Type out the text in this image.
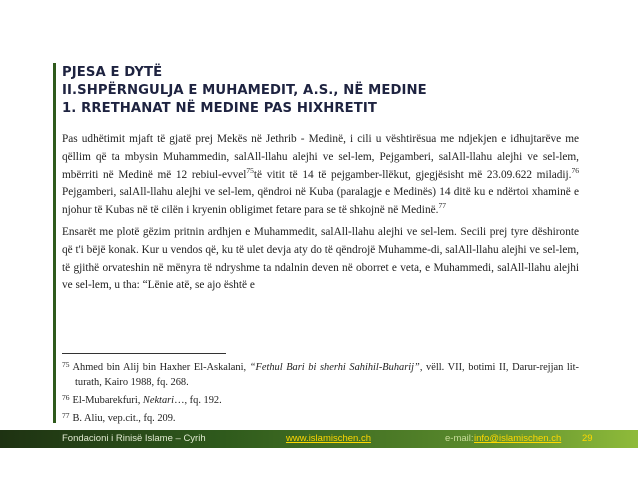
PJESA E DYTË
II.SHPËRNGULJA E MUHAMEDIT, A.S., NË MEDINE
1. RRETHANAT NË MEDINE PAS HIXHRETIT

Pas udhëtimit mjaft të gjatë prej Mekës në Jethrib - Medinë, i cili u vështirësua me ndjekjen e idhujtarëve me qëllim që ta mbysin Muhammedin, salAll-llahu alejhi ve sel-lem, Pejgamberi, salAll-llahu alejhi ve sel-lem, mbërriti në Medinë më 12 rebiul-evvel$^{75}$të vitit të 14 të pejgamber-llëkut, gjegjësisht më 23.09.622 miladij.$^{76}$ Pejgamberi, salAll-llahu alejhi ve sel-lem, qëndroi në Kuba (paralagje e Medinës) 14 ditë ku e ndërtoi xhaminë e njohur të Kubas në të cilën i kryenin obligimet fetare para se të shkojnë në Medinë.$^{77}$

Ensarët me plotë gëzim pritnin ardhjen e Muhammedit, salAll-llahu alejhi ve sel-lem. Secili prej tyre dëshironte që t'i bëjë konak. Kur u vendos që, ku të ulet devja aty do të qëndrojë Muhamme-di, salAll-llahu alejhi ve sel-lem, të gjithë orvateshin në mënyra të ndryshme ta ndalnin deven në oborret e veta, e Muhammedi, salAll-llahu alejhi ve sel-lem, u tha: “Lënie atë, se ajo është e

$^{75}$ Ahmed bin Alij bin Haxher El-Askalani, “Fethul Bari bi sherhi Sahihil-Buharij”, vëll. VII, botimi II, Darur-rejjan lit-turath, Kairo 1988, fq. 268.
$^{76}$ El-Mubarekfuri, Nektari…, fq. 192.
$^{77}$ B. Aliu, vep.cit., fq. 209.
Fondacioni i Rinisë Islame – Cyrih	www.islamischen.ch	e-mail: info@islamischen.ch 29
